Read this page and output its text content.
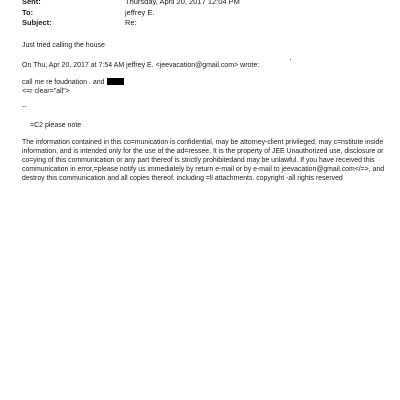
Sent:	Thursday, April 20, 2017 12:04 PM
To:	jeffrey E.
Subject:	Re:
Just tried calling the house
On Thu, Apr 20, 2017 at 7:54 AM jeffrey E. <jeevacation@gmail.com> wrote:
call me re foudnation . and
<=r clear="all">
--
=C2 please note
The information contained in this co=munication is confidential, may be attorney-client privileged, may c=nstitute inside
information, and is intended only for the use of the ad=ressee. It is the property of JEE Unauthorized use, disclosure or
co=ying of this communication or any part thereof is strictly prohibitedand may be unlawful. If you have received this
communication in error,=please notify us immediately by return e-mail or by e-mail to jeevacation@gmail.com</=>, and
destroy this communication and all copies thereof, including =ll attachments. copyright -all rights reserved
